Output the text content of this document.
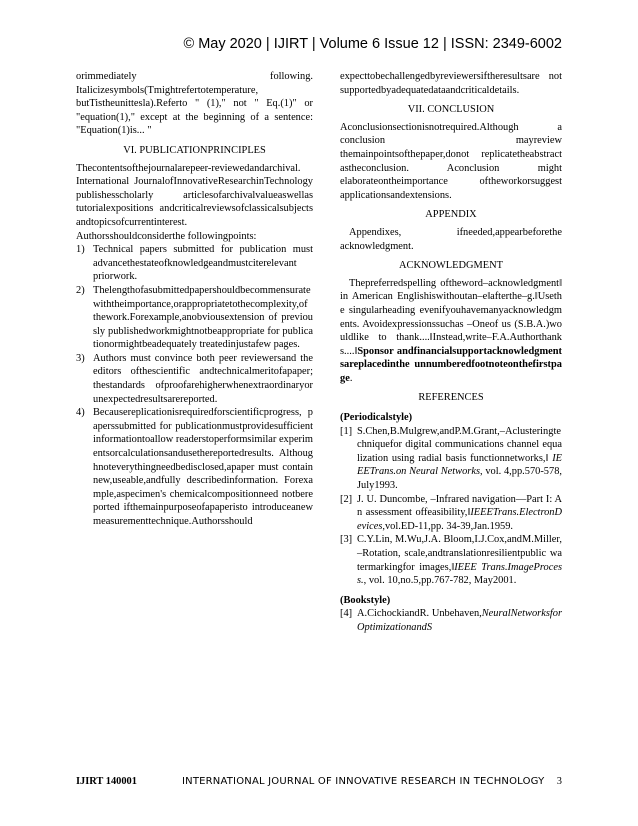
© May 2020 | IJIRT | Volume 6 Issue 12 | ISSN: 2349-6002

orimmediately following.

Italicizesymbols(Tmightrefertotemperature,

butTistheunittesla).Referto " (1)," not " Eq.(1)" or

"equation(1)," except at the beginning of a sentence:

"Equation(1)is... "

VI. PUBLICATIONPRINCIPLES

Thecontentsofthejournalarepeer-reviewedandarchival. International JournalofInnovativeResearchinTechnology publishesscholarly articlesofarchivalvalueaswellas tutorialexpositions andcriticalreviewsofclassicalsubjects andtopicsofcurrentinterest.

Authorsshouldconsiderthe followingpoints:

1) Technical papers submitted for publication must advancethestateofknowledgeandmustciterelevant priorwork.
2) Thelengthofasubmittedpapershouldbecommensurate withtheimportance,orappropriatetothecomplexity,of thework.Forexample,anobviousextension of previously publishedworkmightnotbeappropriate for publicationormightbeadequately treatedinjustafew pages.
3) Authors must convince both peer reviewersand the editors ofthescientific andtechnicalmeritofapaper; thestandards ofproofarehigherwhenextraordinaryor unexpectedresultsarereported.
4) Becausereplicationisrequiredforscientificprogress, paperssubmitted for publicationmustprovidesufficient informationtoallow readerstoperformsimilar experimentsorcalculationsandusethereportedresults. Althoughnoteverythingneedbedisclosed,apaper must containnew,useable,andfully describedinformation. Forexample,aspecimen's chemicalcompositionneed notbereported ifthemainpurposeofapaperisto introduceanewmeasurementtechnique.Authorsshould

expecttobechallengedbyreviewersiftheresultsare not supportedbyadequatedataandcriticaldetails.

VII. CONCLUSION

Aconclusionsectionisnotrequired.Although a conclusion mayreview themainpointsofthepaper,donot replicatetheabstract astheconclusion. Aconclusion might elaborateontheimportance oftheworkorsuggest applicationsandextensions.

APPENDIX

Appendixes, ifneeded,appearbeforethe acknowledgment.

ACKNOWLEDGMENT

Thepreferredspelling oftheword–acknowledgment‖in American Englishiswithoutan–e‖afterthe–g.‖Usethe singularheading evenifyouhavemanyacknowledgments. Avoidexpressionssuchas –Oneof us (S.B.A.)wouldlike to thank....‖Instead,write–F.A.Authorthanks....‖Sponsor andfinancialsupportacknowledgmentsareplacedinthe unnumberedfootnoteonthefirstpage.

REFERENCES

(Periodicalstyle)

[1] S.Chen,B.Mulgrew,andP.M.Grant,–Aclusteringtechniquefor digital communications channel equalization using radial basis functionnetworks,‖ IEEETrans.on Neural Networks, vol. 4,pp.570-578,July1993.
[2] J. U. Duncombe, –Infrared navigation—Part I: An assessment offeasibility,‖IEEETrans.ElectronDevices,vol.ED-11,pp. 34-39,Jan.1959.
[3] C.Y.Lin, M.Wu,J.A. Bloom,I.J.Cox,andM.Miller,–Rotation, scale,andtranslationresilientpublic watermarkingfor images,‖IEEE Trans.ImageProcess., vol. 10,no.5,pp.767-782, May2001.

(Bookstyle)

[4] A.CichockiandR. Unbehaven,NeuralNetworksforOptimizationandS
IJIRT 140001	INTERNATIONAL JOURNAL OF INNOVATIVE RESEARCH IN TECHNOLOGY 3
